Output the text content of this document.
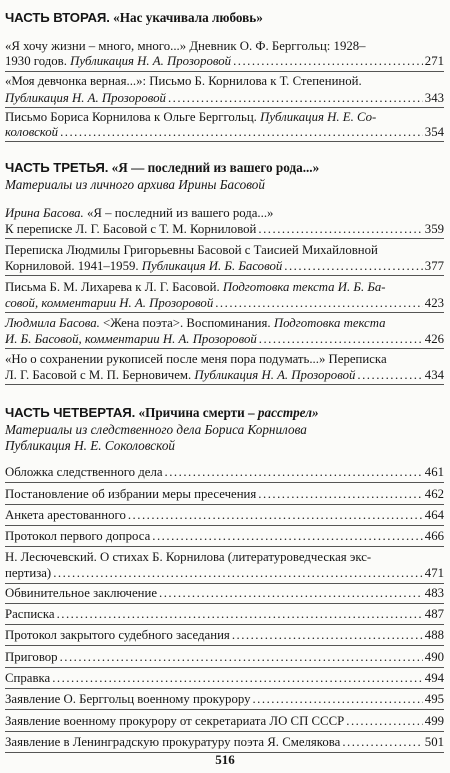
ЧАСТЬ ВТОРАЯ. «Нас укачивала любовь»
«Я хочу жизни – много, много...» Дневник О. Ф. Берггольц: 1928–
1930 годов. Публикация Н. А. Прозоровой .....	271
«Моя девчонка верная...»: Письмо Б. Корнилова к Т. Степениной.
Публикация Н. А. Прозоровой .....	343
Письмо Бориса Корнилова к Ольге Берггольц. Публикация Н. Е. Со-
коловской .....	354
ЧАСТЬ ТРЕТЬЯ. «Я — последний из вашего рода...»
Материалы из личного архива Ирины Басовой
Ирина Басова. «Я – последний из вашего рода...»
К переписке Л. Г. Басовой с Т. М. Корниловой .....	359
Переписка Людмилы Григорьевны Басовой с Таисией Михайловной
Корниловой. 1941–1959. Публикация И. Б. Басовой .....	377
Письма Б. М. Лихарева к Л. Г. Басовой. Подготовка текста И. Б. Ба-
совой, комментарии Н. А. Прозоровой .....	423
Людмила Басова. <Жена поэта>. Воспоминания. Подготовка текста
И. Б. Басовой, комментарии Н. А. Прозоровой .....	426
«Но о сохранении рукописей после меня пора подумать...» Переписка
Л. Г. Басовой с М. П. Берновичем. Публикация Н. А. Прозоровой .....	434
ЧАСТЬ ЧЕТВЕРТАЯ. «Причина смерти – расстрел»
Материалы из следственного дела Бориса Корнилова
Публикация Н. Е. Соколовской
Обложка следственного дела .....	461
Постановление об избрании меры пресечения .....	462
Анкета арестованного .....	464
Протокол первого допроса .....	466
Н. Лесючевский. О стихах Б. Корнилова (литературоведческая экс-
пертиза) .....	471
Обвинительное заключение .....	483
Расписка .....	487
Протокол закрытого судебного заседания .....	488
Приговор .....	490
Справка .....	494
Заявление О. Берггольц военному прокурору .....	495
Заявление военному прокурору от секретариата ЛО СП СССР .....	499
Заявление в Ленинградскую прокуратуру поэта Я. Смелякова .....	501
516
